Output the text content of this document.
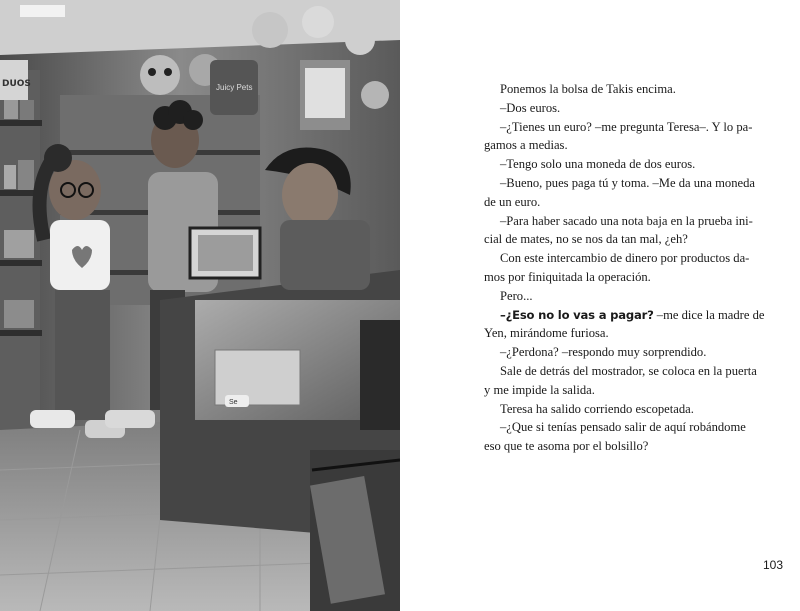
DUOS	Juicy Pets
Se

Ponemos la bolsa de Takis encima.

–Dos euros.

–¿Tienes un euro? –me pregunta Teresa–. Y lo pa-
gamos a medias.

–Tengo solo una moneda de dos euros.

–Bueno, pues paga tú y toma. –Me da una moneda
de un euro.

–Para haber sacado una nota baja en la prueba ini-
cial de mates, no se nos da tan mal, ¿eh?

Con este intercambio de dinero por productos da-
mos por finiquitada la operación.

Pero...

–¿Eso no lo vas a pagar? –me dice la madre de
Yen, mirándome furiosa.

–¿Perdona? –respondo muy sorprendido.

Sale de detrás del mostrador, se coloca en la puerta
y me impide la salida.

Teresa ha salido corriendo escopetada.

–¿Que si tenías pensado salir de aquí robándome
eso que te asoma por el bolsillo?

103
